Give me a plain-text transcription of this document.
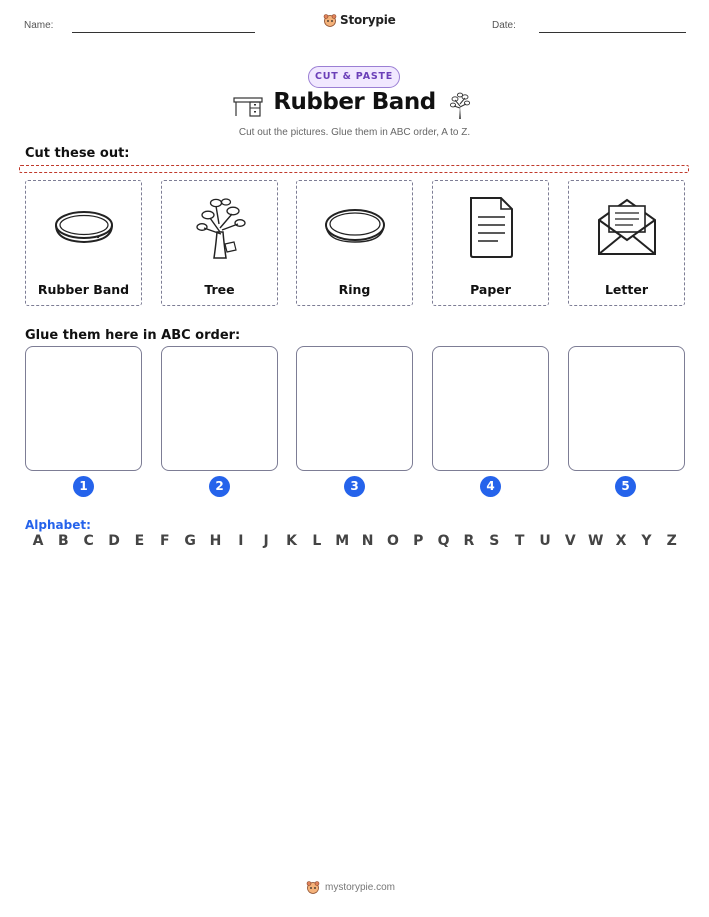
Name:	Storypie	Date:
CUT & PASTE
Rubber Band
Cut out the pictures. Glue them in ABC order, A to Z.
Cut these out:
Rubber Band	Tree	Ring	Paper	Letter
Glue them here in ABC order:
1	2	3	4	5
Alphabet:
A	B	C	D	E	F	G H	I	J	K	L M N O	P	Q	R	S	T	U	V W X	Y	Z
mystorypie.com
